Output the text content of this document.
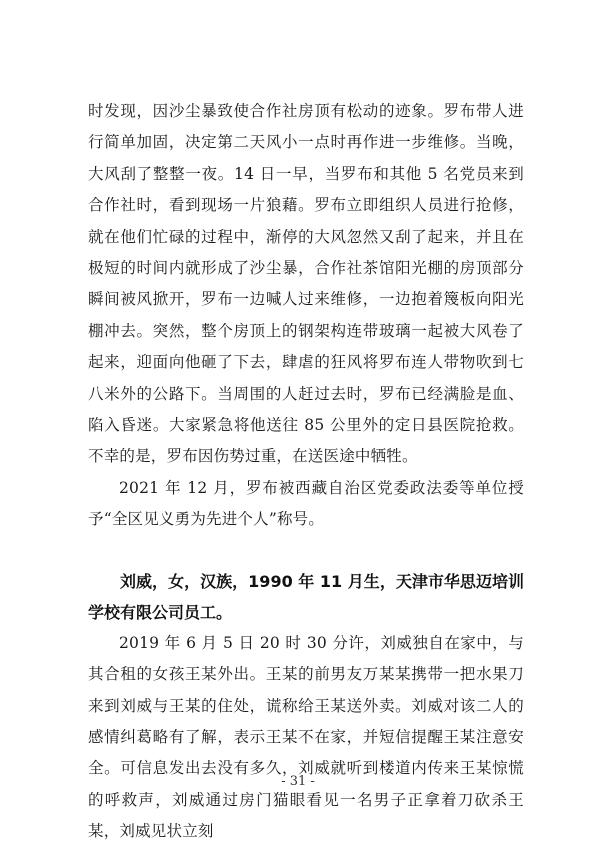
时发现，因沙尘暴致使合作社房顶有松动的迹象。罗布带人进行简单加固，决定第二天风小一点时再作进一步维修。当晚，大风刮了整整一夜。14 日一早，当罗布和其他 5 名党员来到合作社时，看到现场一片狼藉。罗布立即组织人员进行抢修，就在他们忙碌的过程中，渐停的大风忽然又刮了起来，并且在极短的时间内就形成了沙尘暴，合作社茶馆阳光棚的房顶部分瞬间被风掀开，罗布一边喊人过来维修，一边抱着篾板向阳光棚冲去。突然，整个房顶上的钢架构连带玻璃一起被大风卷了起来，迎面向他砸了下去，肆虐的狂风将罗布连人带物吹到七八米外的公路下。当周围的人赶过去时，罗布已经满脸是血、陷入昏迷。大家紧急将他送往 85 公里外的定日县医院抢救。不幸的是，罗布因伤势过重，在送医途中牺牲。

2021 年 12 月，罗布被西藏自治区党委政法委等单位授予“全区见义勇为先进个人”称号。

刘威，女，汉族，1990 年 11 月生，天津市华思迈培训学校有限公司员工。

2019 年 6 月 5 日 20 时 30 分许，刘威独自在家中，与其合租的女孩王某外出。王某的前男友万某某携带一把水果刀来到刘威与王某的住处，谎称给王某送外卖。刘威对该二人的感情纠葛略有了解，表示王某不在家，并短信提醒王某注意安全。可信息发出去没有多久，刘威就听到楼道内传来王某惊慌的呼救声，刘威通过房门猫眼看见一名男子正拿着刀砍杀王某，刘威见状立刻

- 31 -
